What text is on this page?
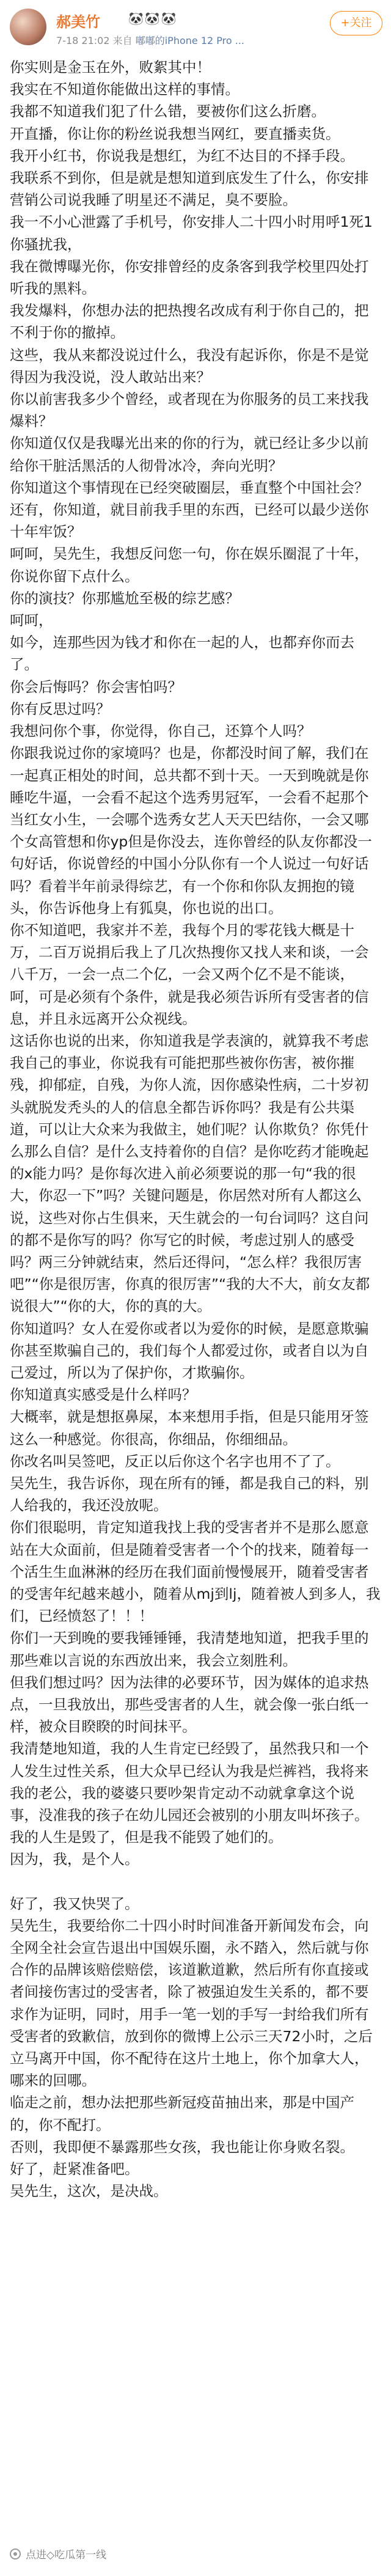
郝美竹 🐼🐼🐼
7-18 21:02 来自 嘟嘟的iPhone 12 Pro ...
+关注

你实则是金玉在外，败絮其中！

我实在不知道你能做出这样的事情。

我都不知道我们犯了什么错，要被你们这么折磨。

开直播，你让你的粉丝说我想当网红，要直播卖货。

我开小红书，你说我是想红，为红不达目的不择手段。

我联系不到你，但是就是想知道到底发生了什么，你安排营销公司说我睡了明星还不满足，臭不要脸。

我一不小心泄露了手机号，你安排人二十四小时用呼1死1你骚扰我，

我在微博曝光你，你安排曾经的皮条客到我学校里四处打听我的黑料。

我发爆料，你想办法的把热搜名改成有利于你自己的，把不利于你的撤掉。

这些，我从来都没说过什么，我没有起诉你，你是不是觉得因为我没说，没人敢站出来？

你以前害我多少个曾经，或者现在为你服务的员工来找我爆料？

你知道仅仅是我曝光出来的你的行为，就已经让多少以前给你干脏活黑活的人彻骨冰冷，奔向光明？

你知道这个事情现在已经突破圈层，垂直整个中国社会？

还有，你知道，就目前我手里的东西，已经可以最少送你十年牢饭？

呵呵，吴先生，我想反问您一句，你在娱乐圈混了十年，你说你留下点什么。

你的演技？你那尴尬至极的综艺感？

呵呵，

如今，连那些因为钱才和你在一起的人，也都弃你而去了。

你会后悔吗？你会害怕吗？

你有反思过吗？

我想问你个事，你觉得，你自己，还算个人吗？

你跟我说过你的家境吗？也是，你都没时间了解，我们在一起真正相处的时间，总共都不到十天。一天到晚就是你睡吃牛逼，一会看不起这个选秀男冠军，一会看不起那个当红女小生，一会哪个选秀女艺人天天巴结你，一会又哪个女高管想和你yp但是你没去，连你曾经的队友你都没一句好话，你说曾经的中国小分队你有一个人说过一句好话吗？看着半年前录得综艺，有一个你和你队友拥抱的镜头，你告诉他身上有狐臭，你也说的出口。

你不知道吧，我家并不差，我每个月的零花钱大概是十万，二百万说捐后我上了几次热搜你又找人来和谈，一会八千万，一会一点二个亿，一会又两个亿不是不能谈，呵，可是必须有个条件，就是我必须告诉所有受害者的信息，并且永远离开公众视线。

这话你也说的出来，你知道我是学表演的，就算我不考虑我自己的事业，你说我有可能把那些被你伤害，被你摧残，抑郁症，自残，为你人流，因你感染性病，二十岁初头就脱发秃头的人的信息全都告诉你吗？我是有公共渠道，可以让大众来为我做主，她们呢？认你欺负？你凭什么那么自信？是什么支持着你的自信？是你吃药才能晚起的x能力吗？是你每次进入前必须要说的那一句“我的很大，你忍一下”吗？关键问题是，你居然对所有人都这么说，这些对你占生俱来，天生就会的一句台词吗？这自问的都不是你写的吗？你写它的时候，考虑过别人的感受吗？两三分钟就结束，然后还得问，“怎么样？我很厉害吧”“你是很厉害，你真的很厉害”“我的大不大，前女友都说很大”“你的大，你的真的大。

你知道吗？女人在爱你或者以为爱你的时候，是愿意欺骗你甚至欺骗自己的，我们每个人都爱过你，或者自以为自己爱过，所以为了保护你，才欺骗你。

你知道真实感受是什么样吗？

大概率，就是想抠鼻屎，本来想用手指，但是只能用牙签这么一种感觉。你很高，你细品，你细细品。

你改名叫吴签吧，反正以后你这个名字也用不了了。

吴先生，我告诉你，现在所有的锤，都是我自己的料，别人给我的，我还没放呢。

你们很聪明，肯定知道我找上我的受害者并不是那么愿意站在大众面前，但是随着受害者一个个的找来，随着每一个活生生血淋淋的经历在我们面前慢慢展开，随着受害者的受害年纪越来越小，随着从mj到lj，随着被人到多人，我们，已经愤怒了！！！

你们一天到晚的要我锤锤锤，我清楚地知道，把我手里的那些难以言说的东西放出来，我会立刻胜利。

但我们想过吗？因为法律的必要环节，因为媒体的追求热点，一旦我放出，那些受害者的人生，就会像一张白纸一样，被众目睽睽的时间抹平。

我清楚地知道，我的人生肯定已经毁了，虽然我只和一个人发生过性关系，但大众早已经认为我是烂裤裆，我将来我的老公，我的婆婆只要吵架肯定动不动就拿拿这个说事，没准我的孩子在幼儿园还会被别的小朋友叫坏孩子。

我的人生是毁了，但是我不能毁了她们的。

因为，我，是个人。

好了，我又快哭了。

吴先生，我要给你二十四小时时间准备开新闻发布会，向全网全社会宣告退出中国娱乐圈，永不踏入，然后就与你合作的品牌该赔偿赔偿，该道歉道歉，然后所有你直接或者间接伤害过的受害者，除了被强迫发生关系的，都不要求作为证明，同时，用手一笔一划的手写一封给我们所有受害者的致歉信，放到你的微博上公示三天72小时，之后立马离开中国，你不配待在这片土地上，你个加拿大人，哪来的回哪。

临走之前，想办法把那些新冠疫苗抽出来，那是中国产的，你不配打。

否则，我即便不暴露那些女孩，我也能让你身败名裂。

好了，赶紧准备吧。

吴先生，这次，是决战。

点进◇吃瓜第一线
